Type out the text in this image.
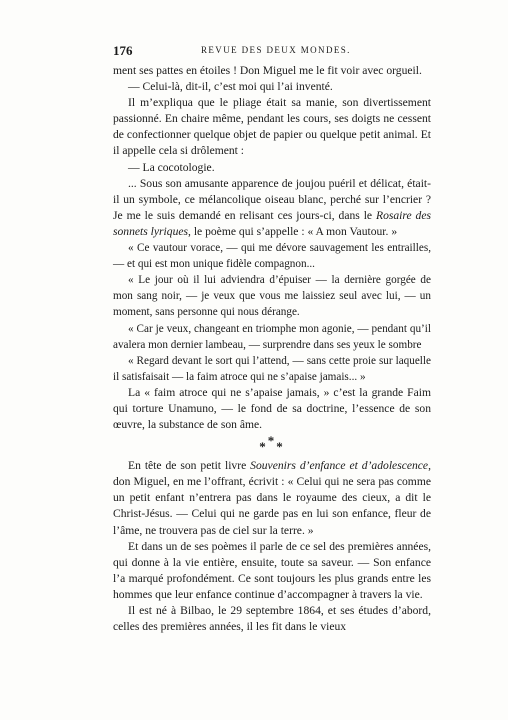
176	REVUE DES DEUX MONDES.

ment ses pattes en étoiles ! Don Miguel me le fit voir avec orgueil.

— Celui-là, dit-il, c’est moi qui l’ai inventé.

Il m’expliqua que le pliage était sa manie, son divertissement passionné. En chaire même, pendant les cours, ses doigts ne cessent de confectionner quelque objet de papier ou quelque petit animal. Et il appelle cela si drôlement :

— La cocotologie.

... Sous son amusante apparence de joujou puéril et délicat, était-il un symbole, ce mélancolique oiseau blanc, perché sur l’encrier ? Je me le suis demandé en relisant ces jours-ci, dans le Rosaire des sonnets lyriques, le poème qui s’appelle : « A mon Vautour. »

« Ce vautour vorace, — qui me dévore sauvagement les entrailles, — et qui est mon unique fidèle compagnon...

« Le jour où il lui adviendra d’épuiser — la dernière gorgée de mon sang noir, — je veux que vous me laissiez seul avec lui, — un moment, sans personne qui nous dérange.

« Car je veux, changeant en triomphe mon agonie, — pendant qu’il avalera mon dernier lambeau, — surprendre dans ses yeux le sombre

« Regard devant le sort qui l’attend, — sans cette proie sur laquelle il satisfaisait — la faim atroce qui ne s’apaise jamais... »

La « faim atroce qui ne s’apaise jamais, » c’est la grande Faim qui torture Unamuno, — le fond de sa doctrine, l’essence de son œuvre, la substance de son âme.

***

En tête de son petit livre Souvenirs d’enfance et d’adolescence, don Miguel, en me l’offrant, écrivit : « Celui qui ne sera pas comme un petit enfant n’entrera pas dans le royaume des cieux, a dit le Christ-Jésus. — Celui qui ne garde pas en lui son enfance, fleur de l’âme, ne trouvera pas de ciel sur la terre. »

Et dans un de ses poèmes il parle de ce sel des premières années, qui donne à la vie entière, ensuite, toute sa saveur. — Son enfance l’a marqué profondément. Ce sont toujours les plus grands entre les hommes que leur enfance continue d’accompagner à travers la vie.

Il est né à Bilbao, le 29 septembre 1864, et ses études d’abord, celles des premières années, il les fit dans le vieux
